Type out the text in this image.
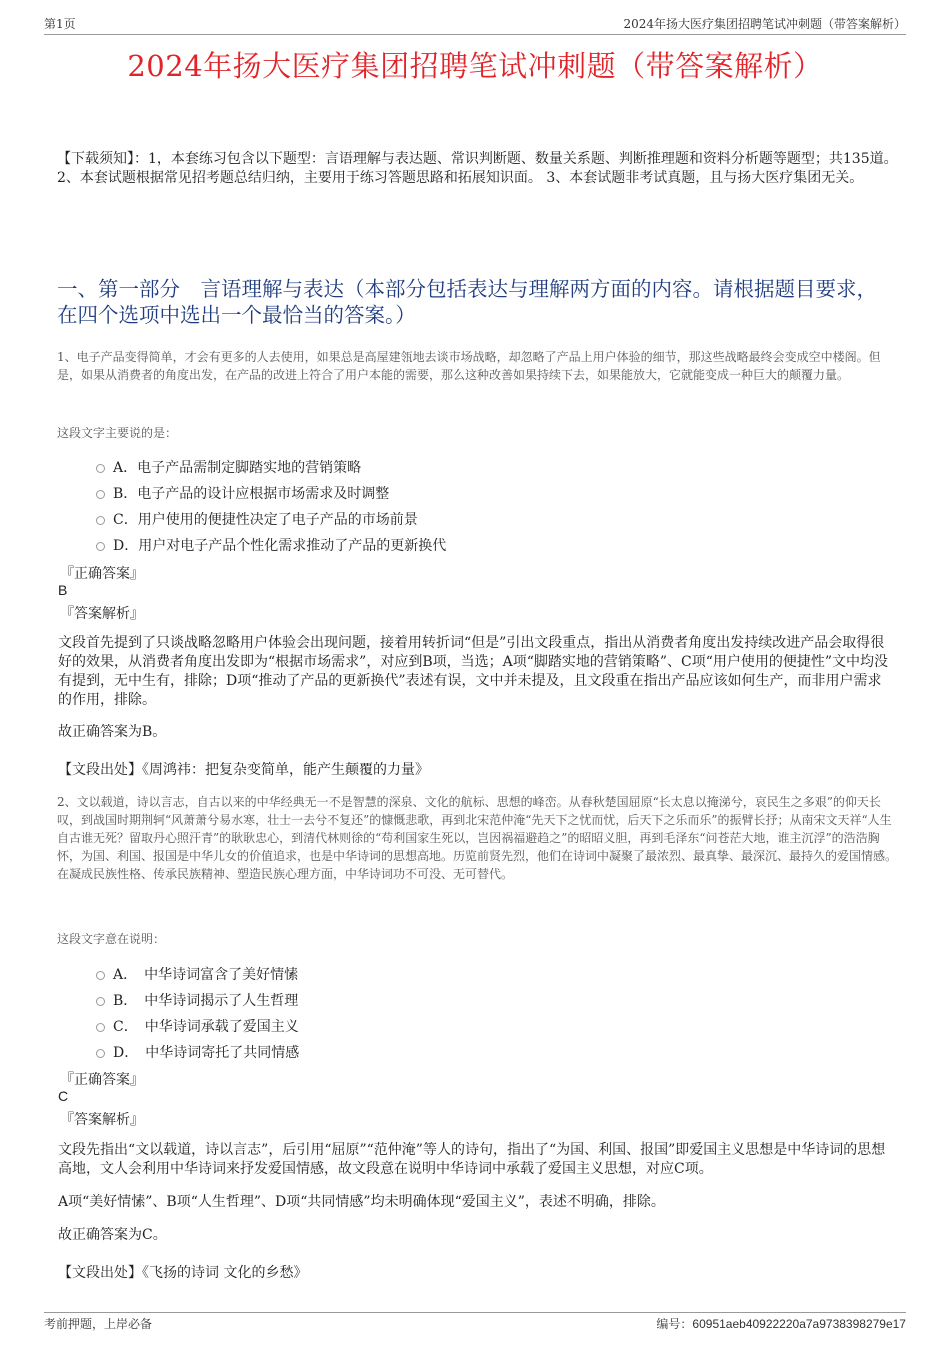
第1页	2024年扬大医疗集团招聘笔试冲刺题（带答案解析）
2024年扬大医疗集团招聘笔试冲刺题（带答案解析）
【下载须知】：1，本套练习包含以下题型：言语理解与表达题、常识判断题、数量关系题、判断推理题和资料分析题等题型；共135道。 2、本套试题根据常见招考题总结归纳，主要用于练习答题思路和拓展知识面。 3、本套试题非考试真题，且与扬大医疗集团无关。
一、第一部分　言语理解与表达（本部分包括表达与理解两方面的内容。请根据题目要求，在四个选项中选出一个最恰当的答案。）
1、电子产品变得简单，才会有更多的人去使用，如果总是高屋建瓴地去谈市场战略，却忽略了产品上用户体验的细节，那这些战略最终会变成空中楼阁。但是，如果从消费者的角度出发，在产品的改进上符合了用户本能的需要，那么这种改善如果持续下去，如果能放大，它就能变成一种巨大的颠覆力量。
这段文字主要说的是：
A．电子产品需制定脚踏实地的营销策略
B．电子产品的设计应根据市场需求及时调整
C．用户使用的便捷性决定了电子产品的市场前景
D．用户对电子产品个性化需求推动了产品的更新换代
『正确答案』
B
『答案解析』
文段首先提到了只谈战略忽略用户体验会出现问题，接着用转折词“但是”引出文段重点，指出从消费者角度出发持续改进产品会取得很好的效果，从消费者角度出发即为“根据市场需求”，对应到B项，当选；A项“脚踏实地的营销策略”、C项“用户使用的便捷性”文中均没有提到，无中生有，排除；D项“推动了产品的更新换代”表述有误，文中并未提及，且文段重在指出产品应该如何生产，而非用户需求的作用，排除。
故正确答案为B。
【文段出处】《周鸿祎：把复杂变简单，能产生颠覆的力量》
2、文以载道，诗以言志，自古以来的中华经典无一不是智慧的深泉、文化的航标、思想的峰峦。从春秋楚国屈原“长太息以掩涕兮，哀民生之多艰”的仰天长叹，到战国时期荆轲“风萧萧兮易水寒，壮士一去兮不复还”的慷慨悲歌，再到北宋范仲淹“先天下之忧而忧，后天下之乐而乐”的振臂长抒；从南宋文天祥“人生自古谁无死？留取丹心照汗青”的耿耿忠心，到清代林则徐的“苟利国家生死以，岂因祸福避趋之”的昭昭义胆，再到毛泽东“问苍茫大地，谁主沉浮”的浩浩胸怀，为国、利国、报国是中华儿女的价值追求，也是中华诗词的思想高地。历览前贤先烈，他们在诗词中凝聚了最浓烈、最真挚、最深沉、最持久的爱国情感。在凝成民族性格、传承民族精神、塑造民族心理方面，中华诗词功不可没、无可替代。
这段文字意在说明：
A．　中华诗词富含了美好情愫
B．　中华诗词揭示了人生哲理
C．　中华诗词承载了爱国主义
D．　中华诗词寄托了共同情感
『正确答案』
C
『答案解析』
文段先指出“文以载道，诗以言志”，后引用“屈原”“范仲淹”等人的诗句，指出了“为国、利国、报国”即爱国主义思想是中华诗词的思想高地，文人会利用中华诗词来抒发爱国情感，故文段意在说明中华诗词中承载了爱国主义思想，对应C项。
A项“美好情愫”、B项“人生哲理”、D项“共同情感”均未明确体现“爱国主义”，表述不明确，排除。
故正确答案为C。
【文段出处】《飞扬的诗词 文化的乡愁》
考前押题，上岸必备	编号：60951aeb40922220a7a9738398279e17
